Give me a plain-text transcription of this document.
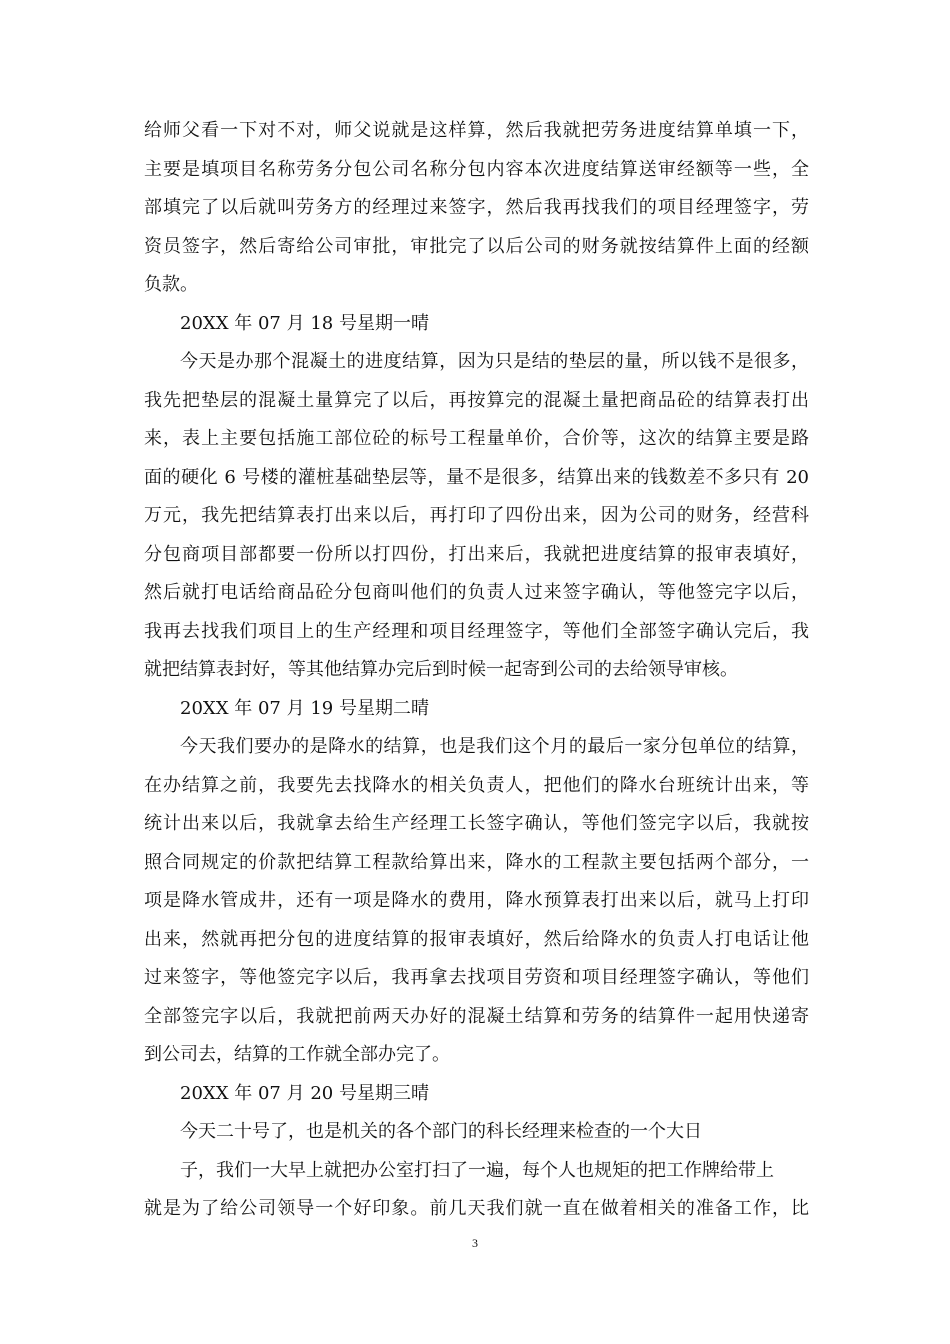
给师父看一下对不对，师父说就是这样算，然后我就把劳务进度结算单填一下，
主要是填项目名称劳务分包公司名称分包内容本次进度结算送审经额等一些，全
部填完了以后就叫劳务方的经理过来签字，然后我再找我们的项目经理签字，劳
资员签字，然后寄给公司审批，审批完了以后公司的财务就按结算件上面的经额
负款。
20XX 年 07 月 18 号星期一晴
今天是办那个混凝土的进度结算，因为只是结的垫层的量，所以钱不是很多，
我先把垫层的混凝土量算完了以后，再按算完的混凝土量把商品砼的结算表打出
来，表上主要包括施工部位砼的标号工程量单价，合价等，这次的结算主要是路
面的硬化 6 号楼的灌桩基础垫层等，量不是很多，结算出来的钱数差不多只有 20
万元，我先把结算表打出来以后，再打印了四份出来，因为公司的财务，经营科
分包商项目部都要一份所以打四份，打出来后，我就把进度结算的报审表填好，
然后就打电话给商品砼分包商叫他们的负责人过来签字确认，等他签完字以后，
我再去找我们项目上的生产经理和项目经理签字，等他们全部签字确认完后，我
就把结算表封好，等其他结算办完后到时候一起寄到公司的去给领导审核。
20XX 年 07 月 19 号星期二晴
今天我们要办的是降水的结算，也是我们这个月的最后一家分包单位的结算，
在办结算之前，我要先去找降水的相关负责人，把他们的降水台班统计出来，等
统计出来以后，我就拿去给生产经理工长签字确认，等他们签完字以后，我就按
照合同规定的价款把结算工程款给算出来，降水的工程款主要包括两个部分，一
项是降水管成井，还有一项是降水的费用，降水预算表打出来以后，就马上打印
出来，然就再把分包的进度结算的报审表填好，然后给降水的负责人打电话让他
过来签字，等他签完字以后，我再拿去找项目劳资和项目经理签字确认，等他们
全部签完字以后，我就把前两天办好的混凝土结算和劳务的结算件一起用快递寄
到公司去，结算的工作就全部办完了。
20XX 年 07 月 20 号星期三晴
今天二十号了，也是机关的各个部门的科长经理来检查的一个大日
子，我们一大早上就把办公室打扫了一遍，每个人也规矩的把工作牌给带上
就是为了给公司领导一个好印象。前几天我们就一直在做着相关的准备工作，比
3
